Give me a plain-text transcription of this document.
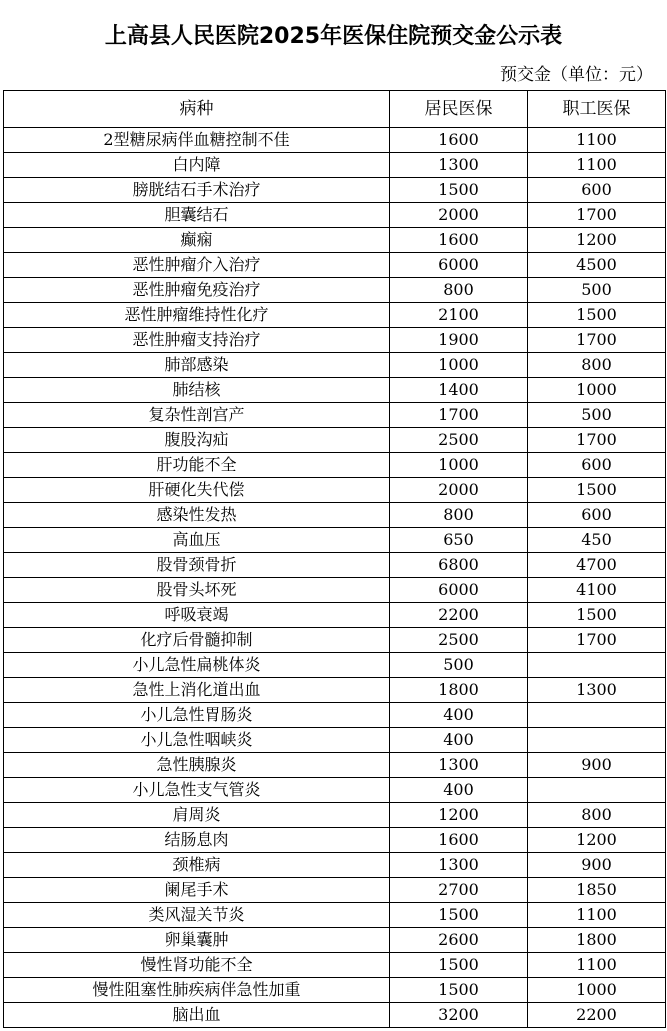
上高县人民医院2025年医保住院预交金公示表
预交金（单位：元）
病种	居民医保	职工医保
2型糖尿病伴血糖控制不佳	1600	1100
白内障	1300	1100
膀胱结石手术治疗	1500	600
胆囊结石	2000	1700
癫痫	1600	1200
恶性肿瘤介入治疗	6000	4500
恶性肿瘤免疫治疗	800	500
恶性肿瘤维持性化疗	2100	1500
恶性肿瘤支持治疗	1900	1700
肺部感染	1000	800
肺结核	1400	1000
复杂性剖宫产	1700	500
腹股沟疝	2500	1700
肝功能不全	1000	600
肝硬化失代偿	2000	1500
感染性发热	800	600
高血压	650	450
股骨颈骨折	6800	4700
股骨头坏死	6000	4100
呼吸衰竭	2200	1500
化疗后骨髓抑制	2500	1700
小儿急性扁桃体炎	500	
急性上消化道出血	1800	1300
小儿急性胃肠炎	400	
小儿急性咽峡炎	400	
急性胰腺炎	1300	900
小儿急性支气管炎	400	
肩周炎	1200	800
结肠息肉	1600	1200
颈椎病	1300	900
阑尾手术	2700	1850
类风湿关节炎	1500	1100
卵巢囊肿	2600	1800
慢性肾功能不全	1500	1100
慢性阻塞性肺疾病伴急性加重	1500	1000
脑出血	3200	2200
